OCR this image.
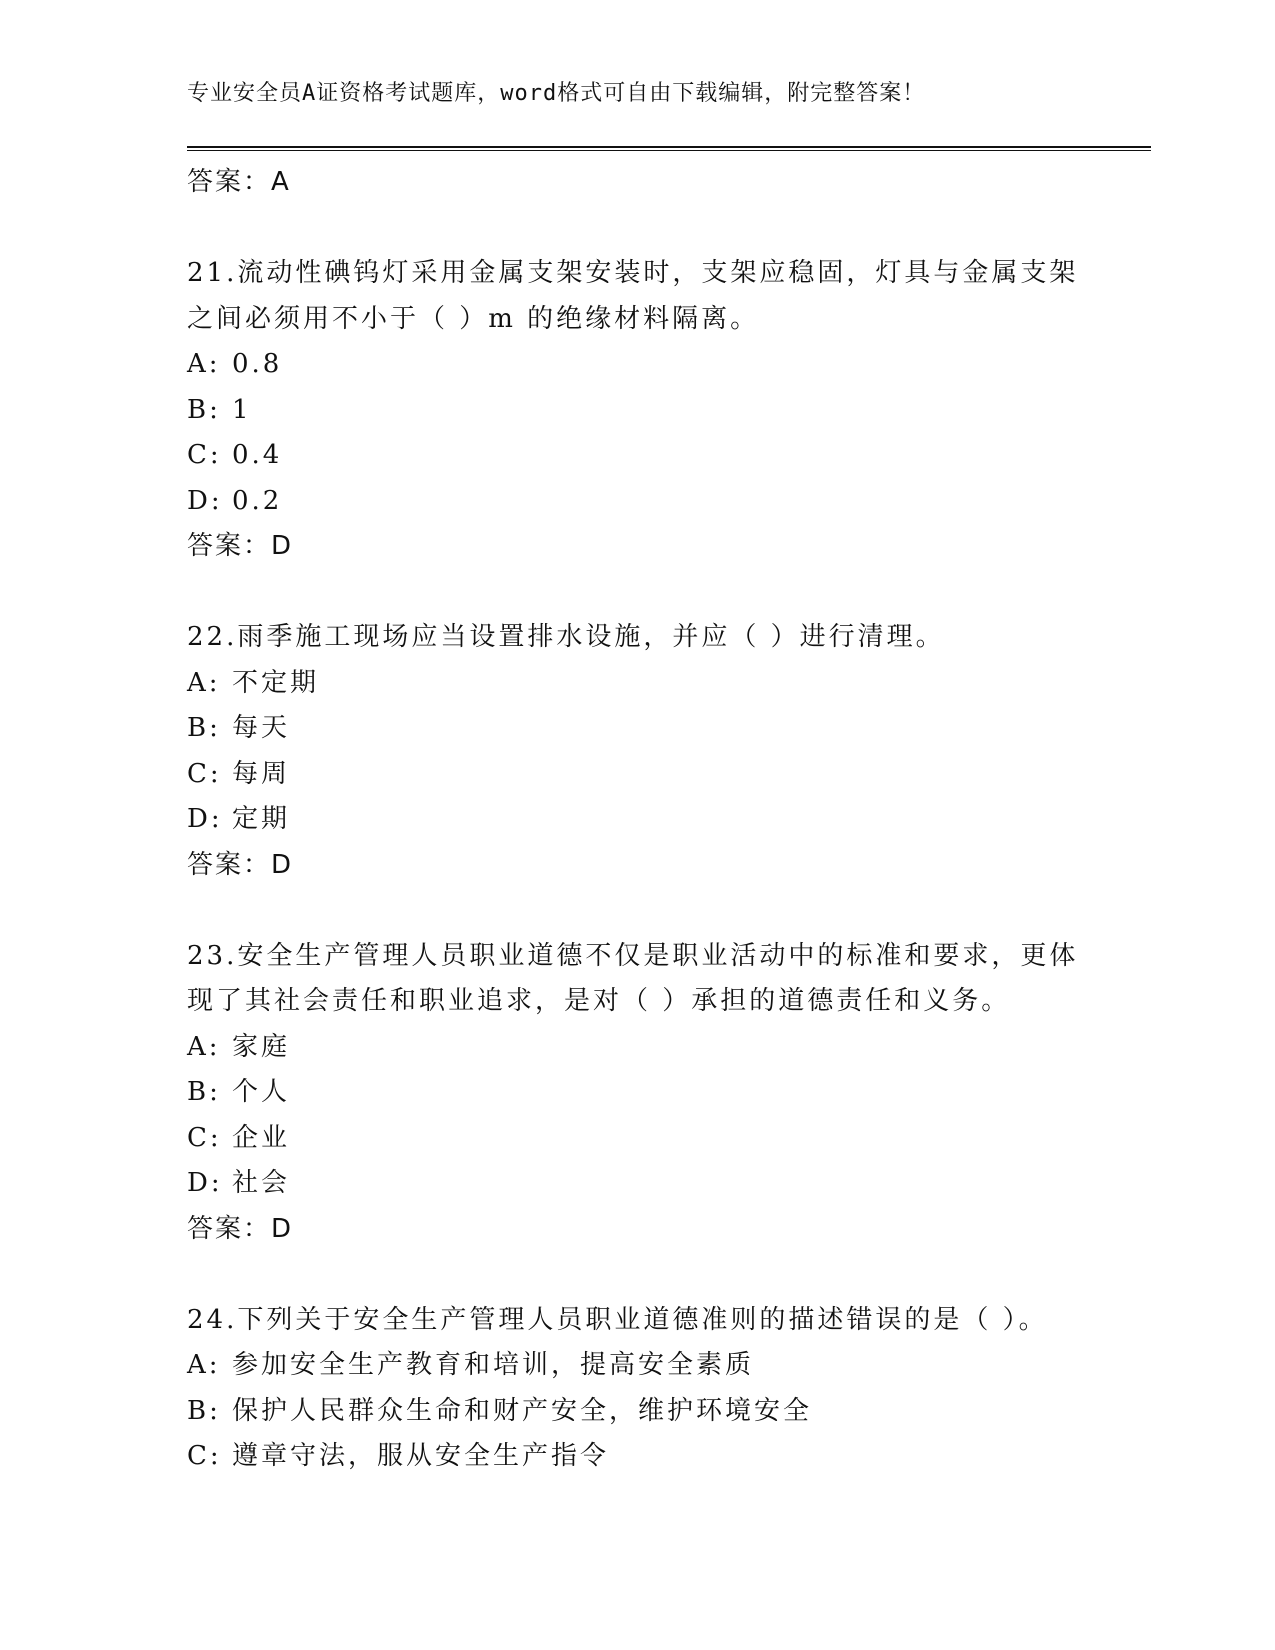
专业安全员A证资格考试题库，word格式可自由下载编辑，附完整答案！
答案：A
21.流动性碘钨灯采用金属支架安装时，支架应稳固，灯具与金属支架
之间必须用不小于（ ）m 的绝缘材料隔离。
A: 0.8
B: 1
C: 0.4
D: 0.2
答案：D
22.雨季施工现场应当设置排水设施，并应（ ）进行清理。
A: 不定期
B: 每天
C: 每周
D: 定期
答案：D
23.安全生产管理人员职业道德不仅是职业活动中的标准和要求，更体
现了其社会责任和职业追求，是对（ ）承担的道德责任和义务。
A: 家庭
B: 个人
C: 企业
D: 社会
答案：D
24.下列关于安全生产管理人员职业道德准则的描述错误的是（ ）。
A: 参加安全生产教育和培训，提高安全素质
B: 保护人民群众生命和财产安全，维护环境安全
C: 遵章守法，服从安全生产指令
